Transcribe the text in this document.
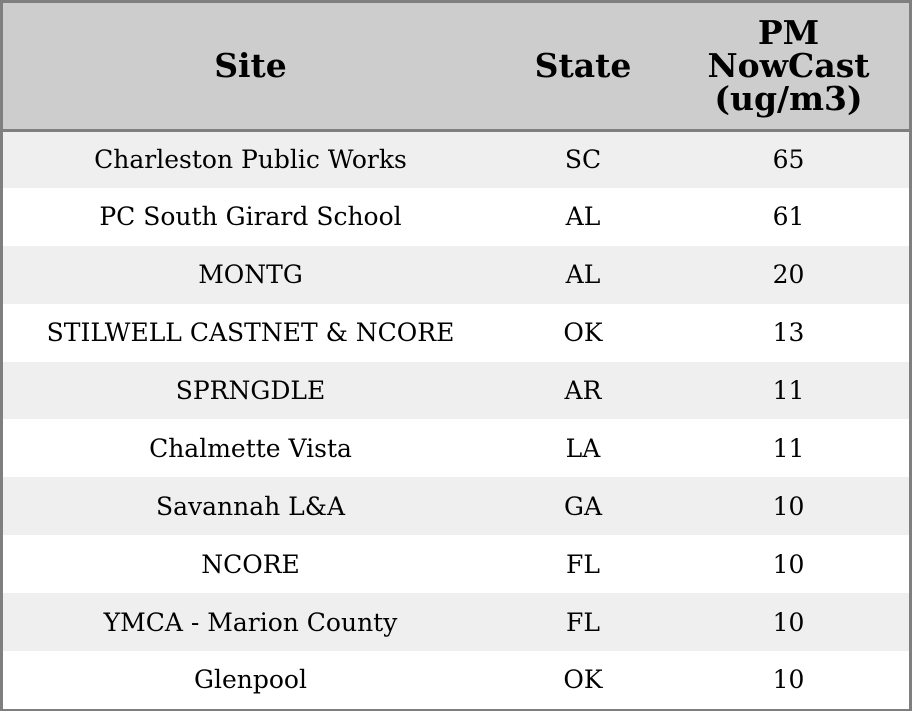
Site	State	PM
NowCast
(ug/m3)

Charleston Public Works	SC	65
PC South Girard School	AL	61
MONTG	AL	20
STILWELL CASTNET & NCORE	OK	13
SPRNGDLE	AR	11
Chalmette Vista	LA	11
Savannah L&A	GA	10
NCORE	FL	10
YMCA - Marion County	FL	10
Glenpool	OK	10
